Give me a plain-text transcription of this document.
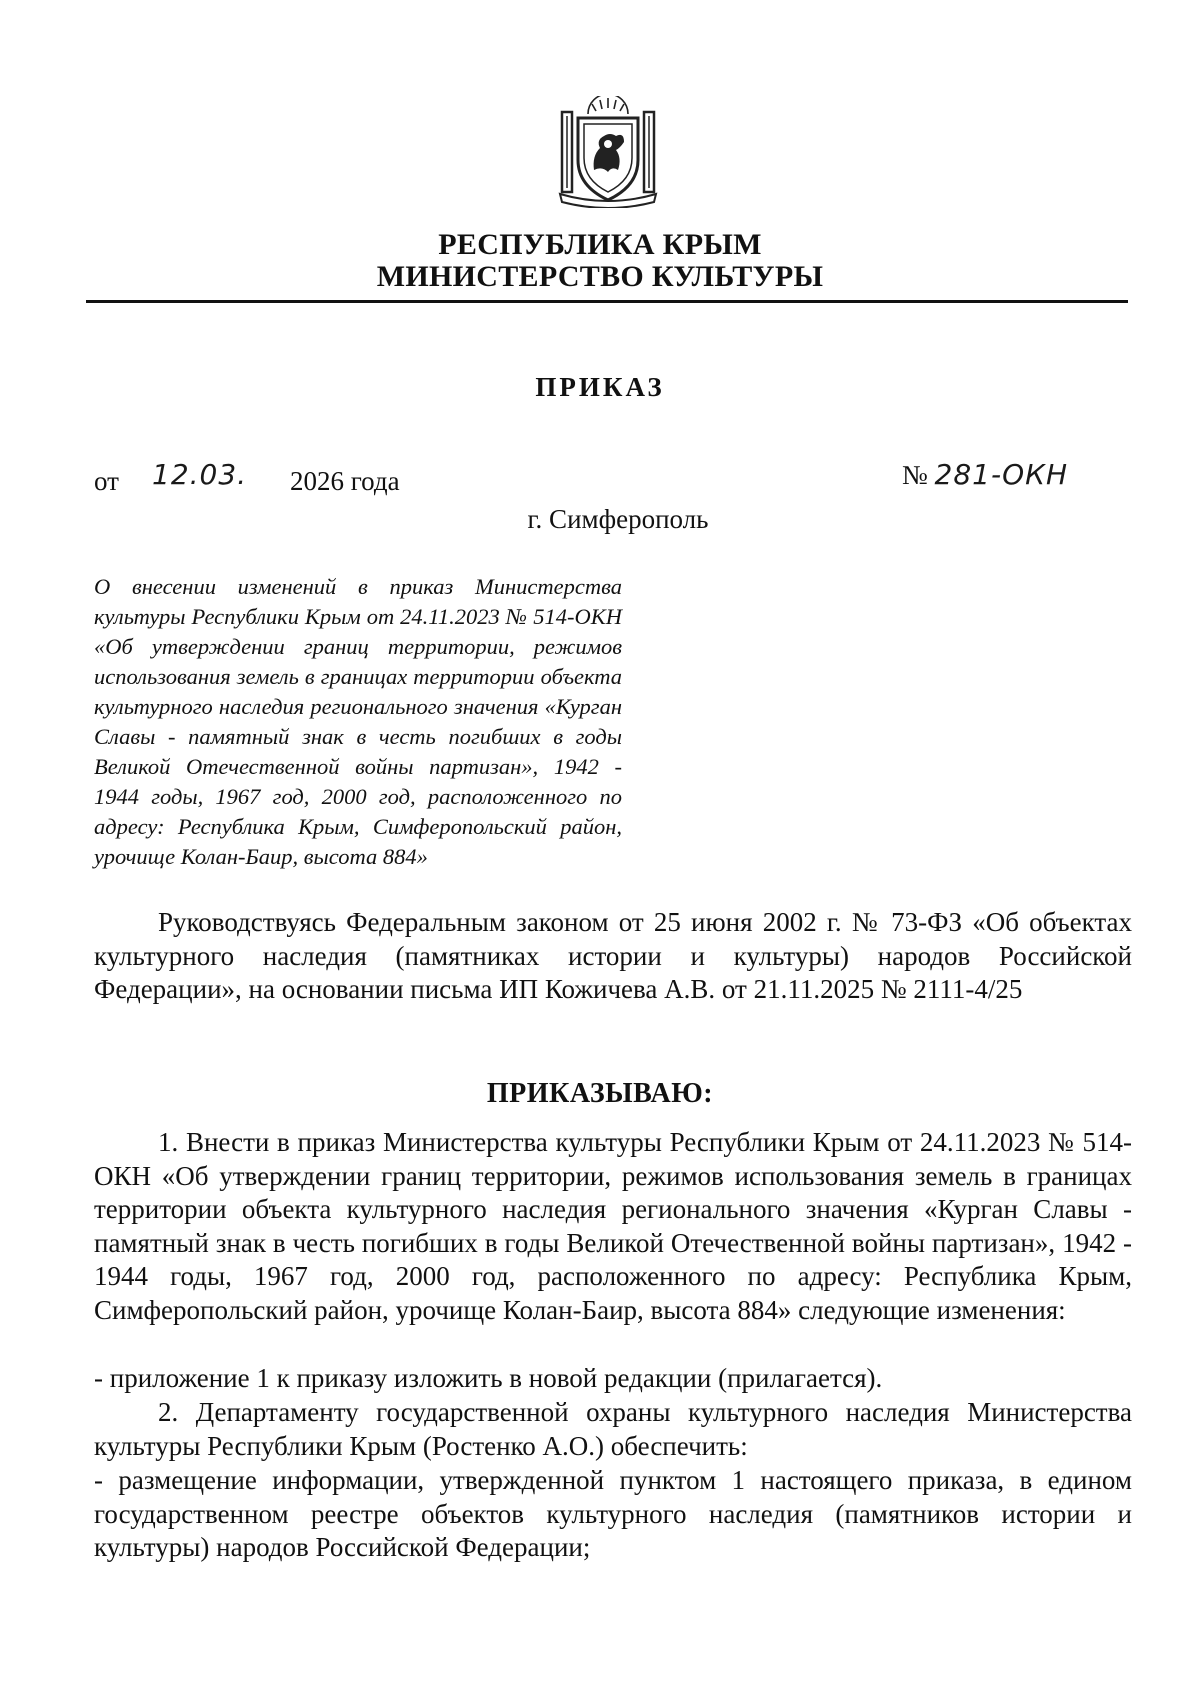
РЕСПУБЛИКА КРЫМ
МИНИСТЕРСТВО КУЛЬТУРЫ
ПРИКАЗ
от 12.03. 2026 года	№ 281-ОКН
г. Симферополь

О внесении изменений в приказ Министерства культуры Республики Крым от 24.11.2023 № 514-ОКН «Об утверждении границ территории, режимов использования земель в границах территории объекта культурного наследия регионального значения «Курган Славы - памятный знак в честь погибших в годы Великой Отечественной войны партизан», 1942 - 1944 годы, 1967 год, 2000 год, расположенного по адресу: Республика Крым, Симферопольский район, урочище Колан-Баир, высота 884»

Руководствуясь Федеральным законом от 25 июня 2002 г. № 73-ФЗ «Об объектах культурного наследия (памятниках истории и культуры) народов Российской Федерации», на основании письма ИП Кожичева А.В. от 21.11.2025 № 2111-4/25

ПРИКАЗЫВАЮ:

1. Внести в приказ Министерства культуры Республики Крым от 24.11.2023 № 514-ОКН «Об утверждении границ территории, режимов использования земель в границах территории объекта культурного наследия регионального значения «Курган Славы - памятный знак в честь погибших в годы Великой Отечественной войны партизан», 1942 - 1944 годы, 1967 год, 2000 год, расположенного по адресу: Республика Крым, Симферопольский район, урочище Колан-Баир, высота 884» следующие изменения:

- приложение 1 к приказу изложить в новой редакции (прилагается).

2. Департаменту государственной охраны культурного наследия Министерства культуры Республики Крым (Ростенко А.О.) обеспечить:

- размещение информации, утвержденной пунктом 1 настоящего приказа, в едином государственном реестре объектов культурного наследия (памятников истории и культуры) народов Российской Федерации;
